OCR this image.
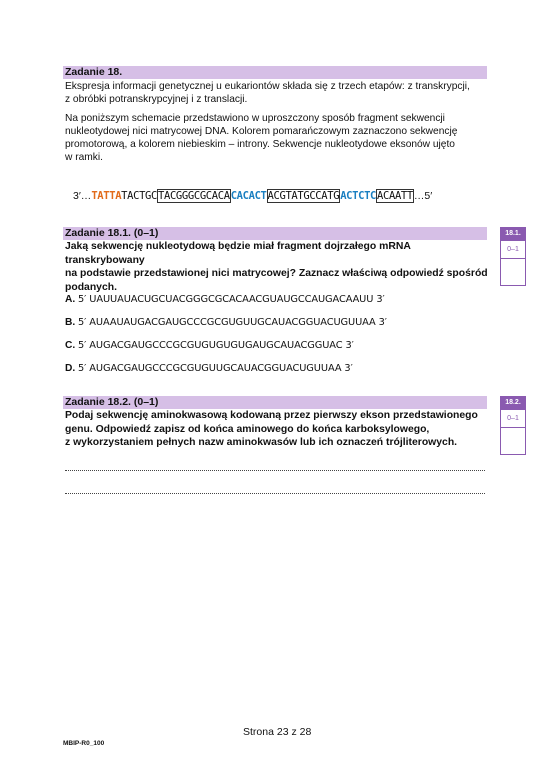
Zadanie 18.
Ekspresja informacji genetycznej u eukariontów składa się z trzech etapów: z transkrypcji,
z obróbki potranskrypcyjnej i z translacji.
Na poniższym schemacie przedstawiono w uproszczony sposób fragment sekwencji
nukleotydowej nici matrycowej DNA. Kolorem pomarańczowym zaznaczono sekwencję
promotorową, a kolorem niebieskim – introny. Sekwencje nukleotydowe eksonów ujęto
w ramki.
3′…TATTATACTGCTACGGGCGCACACACACTACGTATGCCATGACTCTCACAATT…5′
Zadanie 18.1. (0–1)
Jaką sekwencję nukleotydową będzie miał fragment dojrzałego mRNA transkrybowany
na podstawie przedstawionej nici matrycowej? Zaznacz właściwą odpowiedź spośród
podanych.
18.1.
0–1
A. 5′ UAUUAUACUGCUACGGGCGCACAACGUAUGCCAUGACAAUU 3′
B. 5′ AUAAUAUGACGAUGCCCGCGUGUUGCAUACGGUACUGUUAA 3′
C. 5′ AUGACGAUGCCCGCGUGUGUGUGAUGCAUACGGUAC 3′
D. 5′ AUGACGAUGCCCGCGUGUUGCAUACGGUACUGUUAA 3′
Zadanie 18.2. (0–1)
Podaj sekwencję aminokwasową kodowaną przez pierwszy ekson przedstawionego
genu. Odpowiedź zapisz od końca aminowego do końca karboksylowego,
z wykorzystaniem pełnych nazw aminokwasów lub ich oznaczeń trójliterowych.
18.2.
0–1
Strona 23 z 28
MBIP-R0_100
